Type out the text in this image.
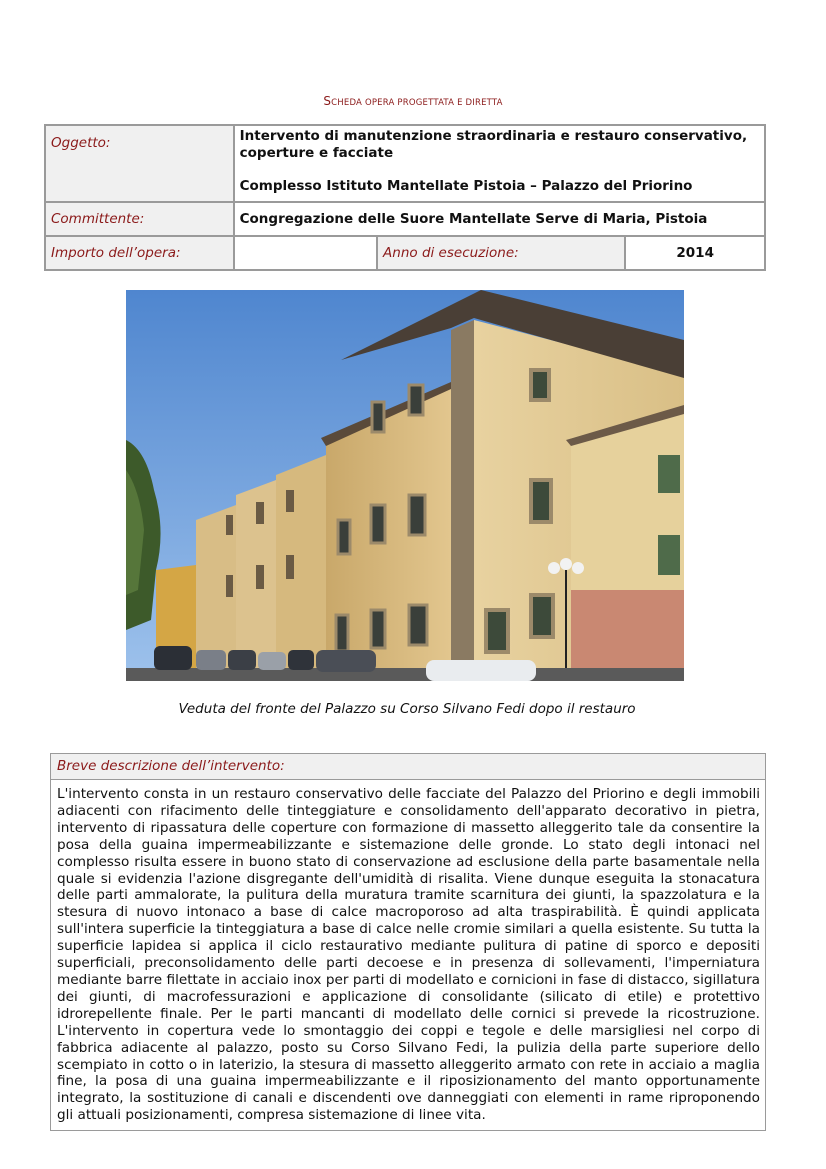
SCHEDA OPERA PROGETTATA E DIRETTA
Oggetto:	Intervento di manutenzione straordinaria e restauro conservativo, coperture e facciate
Complesso Istituto Mantellate Pistoia – Palazzo del Priorino		

Committente:	Congregazione delle Suore Mantellate Serve di Maria, Pistoia		
Importo dell’opera:		Anno di esecuzione:	2014
Veduta del fronte del Palazzo su Corso Silvano Fedi dopo il restauro
Breve descrizione dell’intervento:
L'intervento consta in un restauro conservativo delle facciate del Palazzo del Priorino e degli immobili adiacenti con rifacimento delle tinteggiature e consolidamento dell'apparato decorativo in pietra, intervento di ripassatura delle coperture con formazione di massetto alleggerito tale da consentire la posa della guaina impermeabilizzante e sistemazione delle gronde. Lo stato degli intonaci nel complesso risulta essere in buono stato di conservazione ad esclusione della parte basamentale nella quale si evidenzia l'azione disgregante dell'umidità di risalita. Viene dunque eseguita la stonacatura delle parti ammalorate, la pulitura della muratura tramite scarnitura dei giunti, la spazzolatura e la stesura di nuovo intonaco a base di calce macroporoso ad alta traspirabilità. È quindi applicata sull'intera superficie la tinteggiatura a base di calce nelle cromie similari a quella esistente. Su tutta la superficie lapidea si applica il ciclo restaurativo mediante pulitura di patine di sporco e depositi superficiali, preconsolidamento delle parti decoese e in presenza di sollevamenti, l'imperniatura mediante barre filettate in acciaio inox per parti di modellato e cornicioni in fase di distacco, sigillatura dei giunti, di macrofessurazioni e applicazione di consolidante (silicato di etile) e protettivo idrorepellente finale. Per le parti mancanti di modellato delle cornici si prevede la ricostruzione. L'intervento in copertura vede lo smontaggio dei coppi e tegole e delle marsigliesi nel corpo di fabbrica adiacente al palazzo, posto su Corso Silvano Fedi, la pulizia della parte superiore dello scempiato in cotto o in laterizio, la stesura di massetto alleggerito armato con rete in acciaio a maglia fine, la posa di una guaina impermeabilizzante e il riposizionamento del manto opportunamente integrato, la sostituzione di canali e discendenti ove danneggiati con elementi in rame riproponendo gli attuali posizionamenti, compresa sistemazione di linee vita.
